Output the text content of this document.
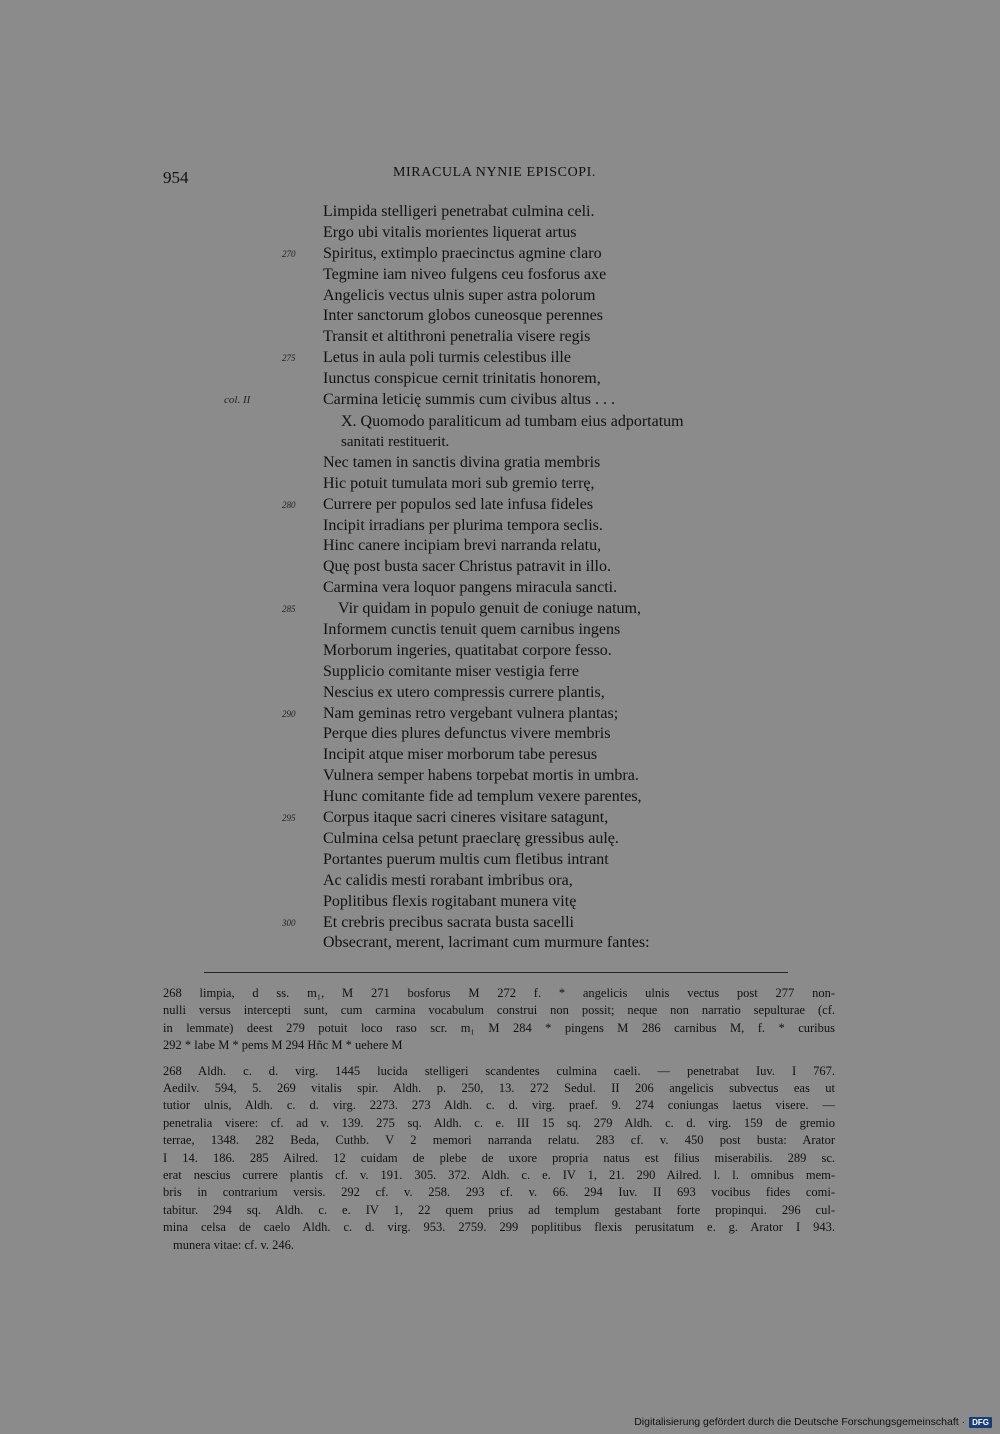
954	MIRACULA NYNIE EPISCOPI.
Limpida stelligeri penetrabat culmina celi.
Ergo ubi vitalis morientes liquerat artus
270 Spiritus, extimplo praecinctus agmine claro
Tegmine iam niveo fulgens ceu fosforus axe
Angelicis vectus ulnis super astra polorum
Inter sanctorum globos cuneosque perennes
Transit et altithroni penetralia visere regis
275 Letus in aula poli turmis celestibus ille
Iunctus conspicue cernit trinitatis honorem,
col. II	Carmina leticię summis cum civibus altus . . .
X. Quomodo paraliticum ad tumbam eius adportatum
sanitati restituerit.
Nec tamen in sanctis divina gratia membris
Hic potuit tumulata mori sub gremio terrę,
280 Currere per populos sed late infusa fideles
Incipit irradians per plurima tempora seclis.
Hinc canere incipiam brevi narranda relatu,
Quę post busta sacer Christus patravit in illo.
Carmina vera loquor pangens miracula sancti.
285	Vir quidam in populo genuit de coniuge natum,
Informem cunctis tenuit quem carnibus ingens
Morborum ingeries, quatitabat corpore fesso.
Supplicio comitante miser vestigia ferre
Nescius ex utero compressis currere plantis,
290 Nam geminas retro vergebant vulnera plantas;
Perque dies plures defunctus vivere membris
Incipit atque miser morborum tabe peresus
Vulnera semper habens torpebat mortis in umbra.
Hunc comitante fide ad templum vexere parentes,
295 Corpus itaque sacri cineres visitare satagunt,
Culmina celsa petunt praeclarę gressibus aulę.
Portantes puerum multis cum fletibus intrant
Ac calidis mesti rorabant imbribus ora,
Poplitibus flexis rogitabant munera vitę
300 Et crebris precibus sacrata busta sacelli
Obsecrant, merent, lacrimant cum murmure fantes:
268 limpia, d ss. m₁, M 271 bosforus M 272 f. * angelicis ulnis vectus post 277 non-
nulli versus intercepti sunt, cum carmina vocabulum construi non possit; neque non narratio sepulturae (cf.
in lemmate) deest 279 potuit loco raso scr. m₁ M 284 * pingens M 286 carnibus M, f. * curibus
292 * labe M * pems M 294 Hñc M * uehere M
268 Aldh. c. d. virg. 1445 lucida stelligeri scandentes culmina caeli. — penetrabat Iuv. I 767.
Aedilv. 594, 5. 269 vitalis spir. Aldh. p. 250, 13. 272 Sedul. II 206 angelicis subvectus eas ut
tutior ulnis, Aldh. c. d. virg. 2273. 273 Aldh. c. d. virg. praef. 9. 274 coniungas laetus visere. —
penetralia visere: cf. ad v. 139. 275 sq. Aldh. c. e. III 15 sq. 279 Aldh. c. d. virg. 159 de gremio
terrae, 1348. 282 Beda, Cuthb. V 2 memori narranda relatu. 283 cf. v. 450 post busta: Arator
I 14. 186. 285 Ailred. 12 cuidam de plebe de uxore propria natus est filius miserabilis. 289 sc.
erat nescius currere plantis cf. v. 191. 305. 372. Aldh. c. e. IV 1, 21. 290 Ailred. l. l. omnibus mem-
bris in contrarium versis. 292 cf. v. 258. 293 cf. v. 66. 294 Iuv. II 693 vocibus fides comi-
tabitur. 294 sq. Aldh. c. e. IV 1, 22 quem prius ad templum gestabant forte propinqui. 296 cul-
mina celsa de caelo Aldh. c. d. virg. 953. 2759. 299 poplitibus flexis perusitatum e. g. Arator I 943.
munera vitae: cf. v. 246.
Digitalisierung gefördert durch die Deutsche Forschungsgemeinschaft · DFG
